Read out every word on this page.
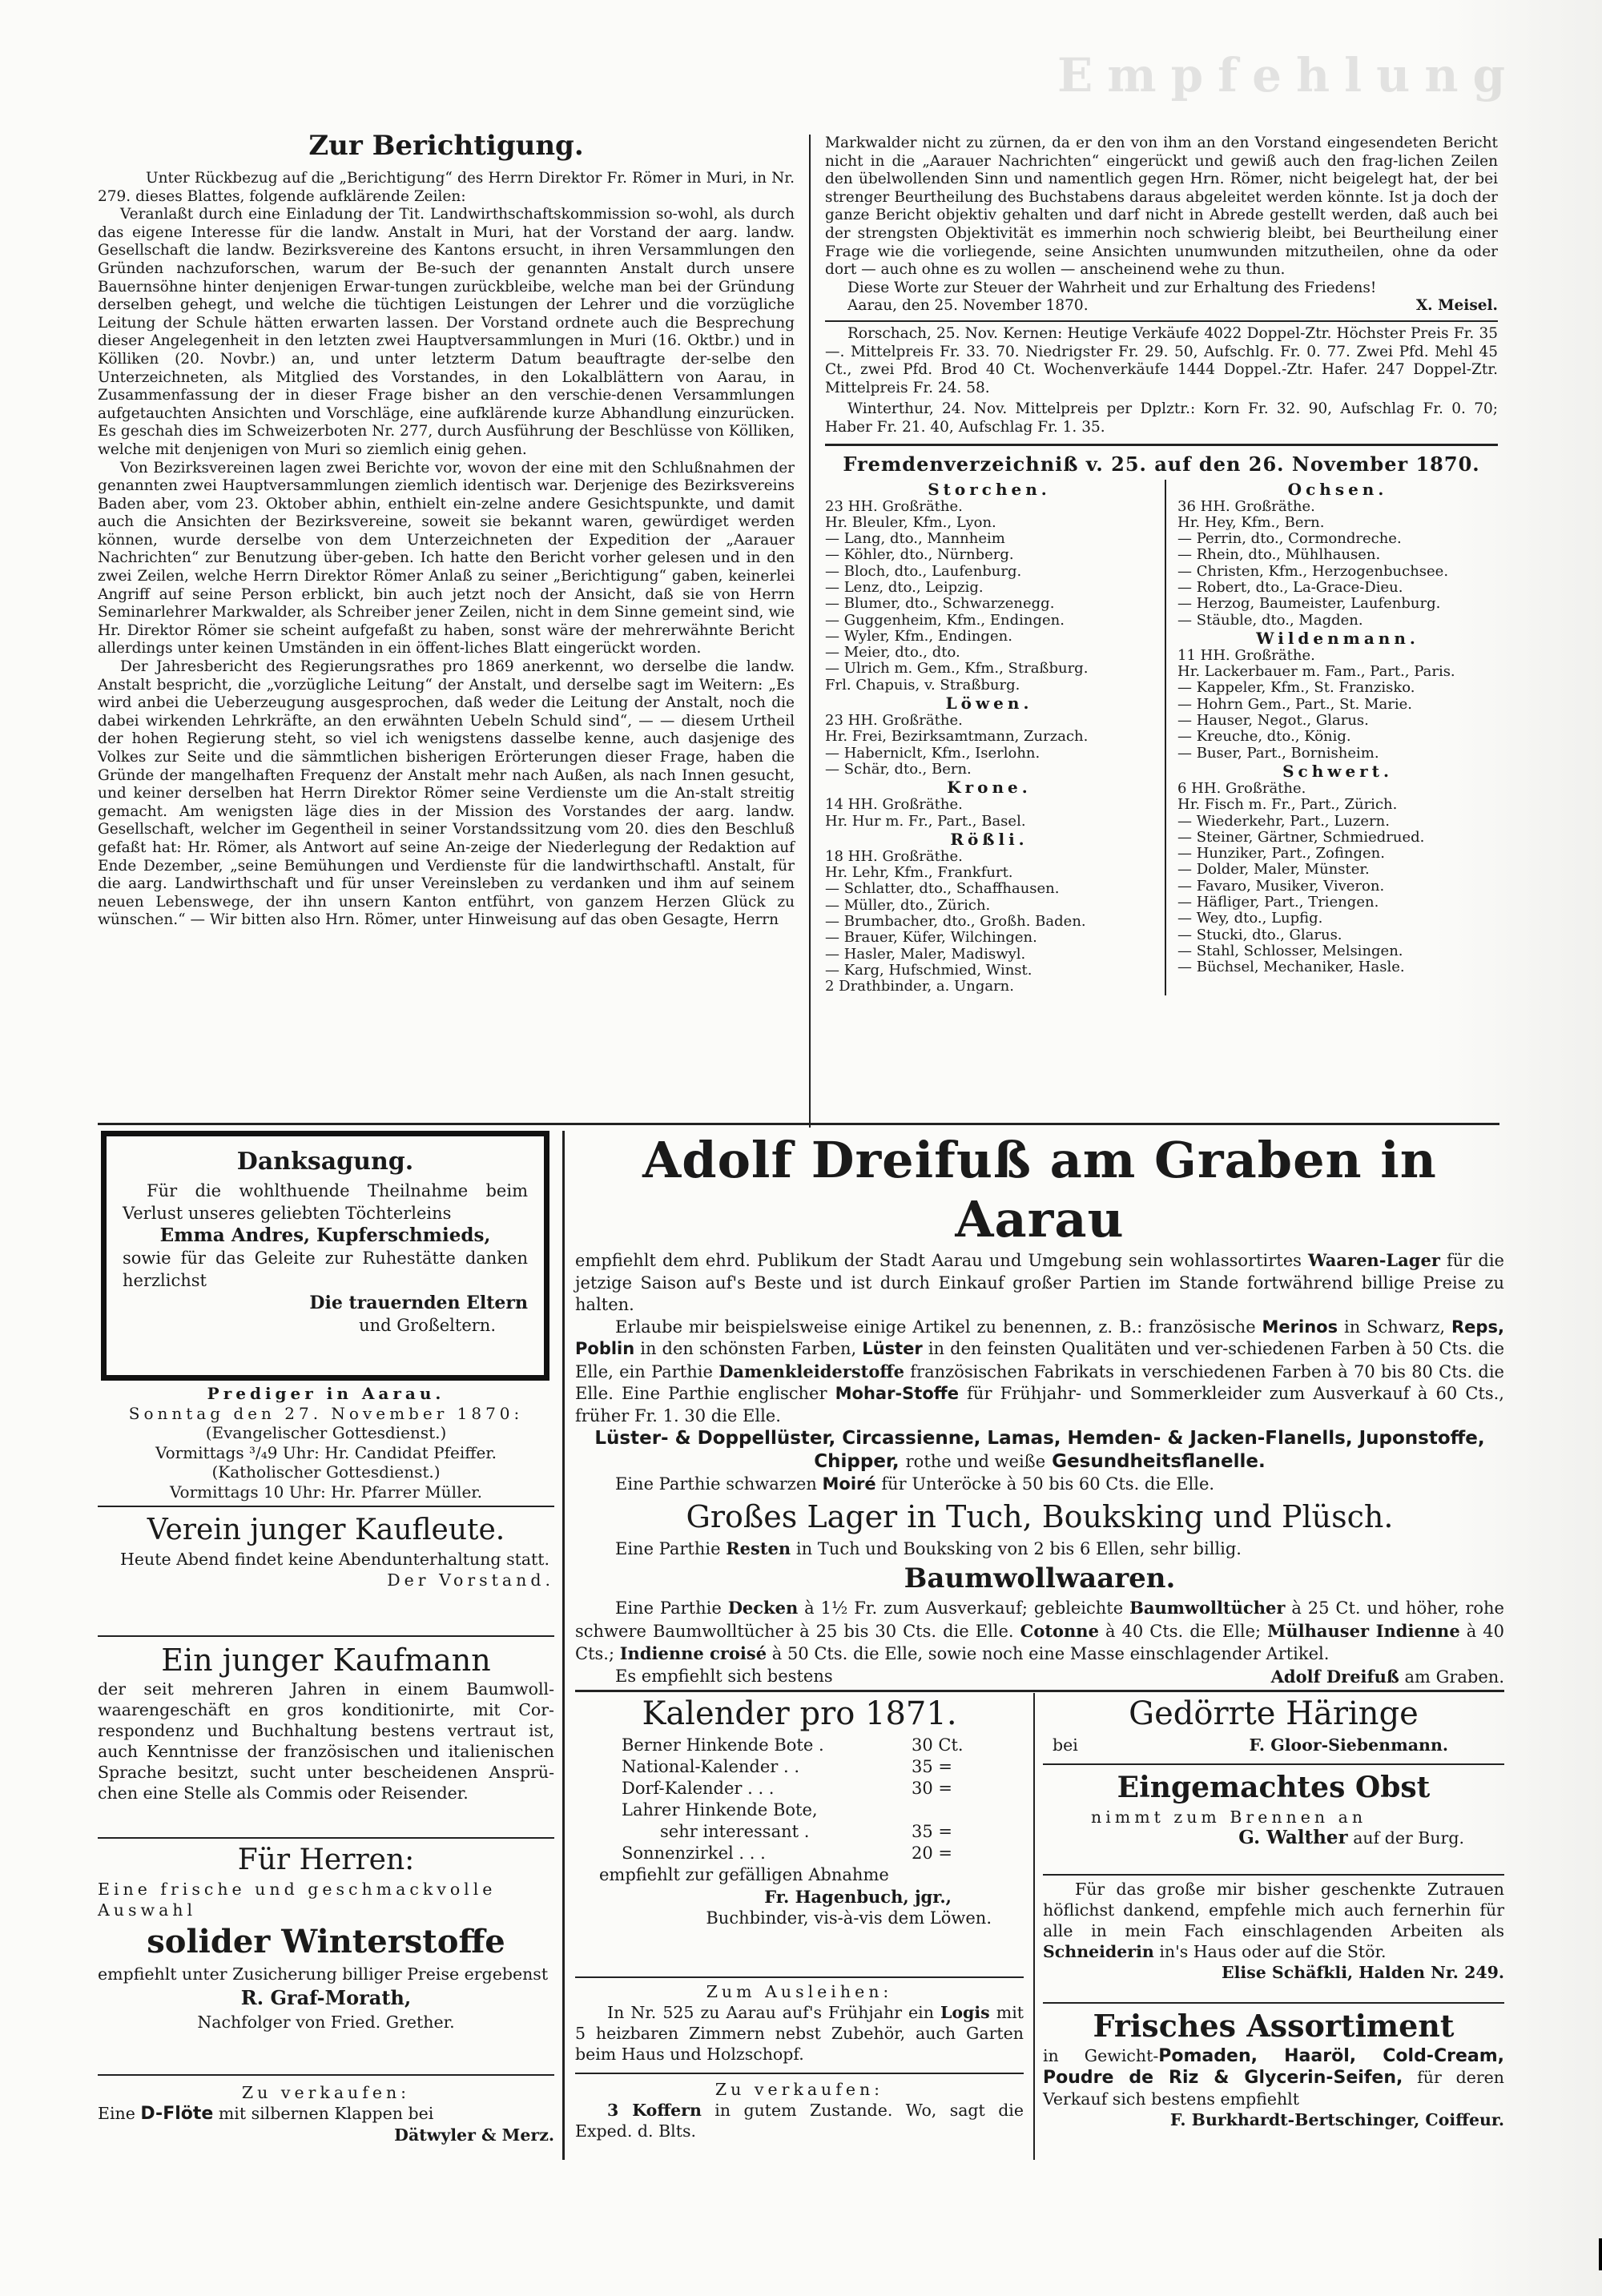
Empfehlung
Zur Berichtigung.

Unter Rückbezug auf die „Berichtigung“ des Herrn Direktor Fr. Römer in Muri, in Nr. 279. dieses Blattes, folgende aufklärende Zeilen:

Veranlaßt durch eine Einladung der Tit. Landwirthschaftskommission so-wohl, als durch das eigene Interesse für die landw. Anstalt in Muri, hat der Vorstand der aarg. landw. Gesellschaft die landw. Bezirksvereine des Kantons ersucht, in ihren Versammlungen den Gründen nachzuforschen, warum der Be-such der genannten Anstalt durch unsere Bauernsöhne hinter denjenigen Erwar-tungen zurückbleibe, welche man bei der Gründung derselben gehegt, und welche die tüchtigen Leistungen der Lehrer und die vorzügliche Leitung der Schule hätten erwarten lassen. Der Vorstand ordnete auch die Besprechung dieser Angelegenheit in den letzten zwei Hauptversammlungen in Muri (16. Oktbr.) und in Kölliken (20. Novbr.) an, und unter letzterm Datum beauftragte der-selbe den Unterzeichneten, als Mitglied des Vorstandes, in den Lokalblättern von Aarau, in Zusammenfassung der in dieser Frage bisher an den verschie-denen Versammlungen aufgetauchten Ansichten und Vorschläge, eine aufklärende kurze Abhandlung einzurücken. Es geschah dies im Schweizerboten Nr. 277, durch Ausführung der Beschlüsse von Kölliken, welche mit denjenigen von Muri so ziemlich einig gehen.

Von Bezirksvereinen lagen zwei Berichte vor, wovon der eine mit den Schlußnahmen der genannten zwei Hauptversammlungen ziemlich identisch war. Derjenige des Bezirksvereins Baden aber, vom 23. Oktober abhin, enthielt ein-zelne andere Gesichtspunkte, und damit auch die Ansichten der Bezirksvereine, soweit sie bekannt waren, gewürdiget werden können, wurde derselbe von dem Unterzeichneten der Expedition der „Aarauer Nachrichten“ zur Benutzung über-geben. Ich hatte den Bericht vorher gelesen und in den zwei Zeilen, welche Herrn Direktor Römer Anlaß zu seiner „Berichtigung“ gaben, keinerlei Angriff auf seine Person erblickt, bin auch jetzt noch der Ansicht, daß sie von Herrn Seminarlehrer Markwalder, als Schreiber jener Zeilen, nicht in dem Sinne gemeint sind, wie Hr. Direktor Römer sie scheint aufgefaßt zu haben, sonst wäre der mehrerwähnte Bericht allerdings unter keinen Umständen in ein öffent-liches Blatt eingerückt worden.

Der Jahresbericht des Regierungsrathes pro 1869 anerkennt, wo derselbe die landw. Anstalt bespricht, die „vorzügliche Leitung“ der Anstalt, und derselbe sagt im Weitern: „Es wird anbei die Ueberzeugung ausgesprochen, daß weder die Leitung der Anstalt, noch die dabei wirkenden Lehrkräfte, an den erwähnten Uebeln Schuld sind“, — — diesem Urtheil der hohen Regierung steht, so viel ich wenigstens dasselbe kenne, auch dasjenige des Volkes zur Seite und die sämmtlichen bisherigen Erörterungen dieser Frage, haben die Gründe der mangelhaften Frequenz der Anstalt mehr nach Außen, als nach Innen gesucht, und keiner derselben hat Herrn Direktor Römer seine Verdienste um die An-stalt streitig gemacht. Am wenigsten läge dies in der Mission des Vorstandes der aarg. landw. Gesellschaft, welcher im Gegentheil in seiner Vorstandssitzung vom 20. dies den Beschluß gefaßt hat: Hr. Römer, als Antwort auf seine An-zeige der Niederlegung der Redaktion auf Ende Dezember, „seine Bemühungen und Verdienste für die landwirthschaftl. Anstalt, für die aarg. Landwirthschaft und für unser Vereinsleben zu verdanken und ihm auf seinem neuen Lebenswege, der ihn unsern Kanton entführt, von ganzem Herzen Glück zu wünschen.“ — Wir bitten also Hrn. Römer, unter Hinweisung auf das oben Gesagte, Herrn

Markwalder nicht zu zürnen, da er den von ihm an den Vorstand eingesendeten Bericht nicht in die „Aarauer Nachrichten“ eingerückt und gewiß auch den frag-lichen Zeilen den übelwollenden Sinn und namentlich gegen Hrn. Römer, nicht beigelegt hat, der bei strenger Beurtheilung des Buchstabens daraus abgeleitet werden könnte. Ist ja doch der ganze Bericht objektiv gehalten und darf nicht in Abrede gestellt werden, daß auch bei der strengsten Objektivität es immerhin noch schwierig bleibt, bei Beurtheilung einer Frage wie die vorliegende, seine Ansichten unumwunden mitzutheilen, ohne da oder dort — auch ohne es zu wollen — anscheinend wehe zu thun.

Diese Worte zur Steuer der Wahrheit und zur Erhaltung des Friedens!

Aarau, den 25. November 1870.	X. Meisel.
Rorschach, 25. Nov. Kernen: Heutige Verkäufe 4022 Doppel-Ztr. Höchster Preis Fr. 35 —. Mittelpreis Fr. 33. 70. Niedrigster Fr. 29. 50, Aufschlg. Fr. 0. 77. Zwei Pfd. Mehl 45 Ct., zwei Pfd. Brod 40 Ct. Wochenverkäufe 1444 Doppel.-Ztr. Hafer. 247 Doppel-Ztr. Mittelpreis Fr. 24. 58.
Winterthur, 24. Nov. Mittelpreis per Dplztr.: Korn Fr. 32. 90, Aufschlag Fr. 0. 70; Haber Fr. 21. 40, Aufschlag Fr. 1. 35.
Fremdenverzeichniß v. 25. auf den 26. November 1870.
Storchen.
23 HH. Großräthe.
Hr. Bleuler, Kfm., Lyon.
— Lang, dto., Mannheim
— Köhler, dto., Nürnberg.
— Bloch, dto., Laufenburg.
— Lenz, dto., Leipzig.
— Blumer, dto., Schwarzenegg.
— Guggenheim, Kfm., Endingen.
— Wyler, Kfm., Endingen.
— Meier, dto., dto.
— Ulrich m. Gem., Kfm., Straßburg.
Frl. Chapuis, v. Straßburg.
Löwen.
23 HH. Großräthe.
Hr. Frei, Bezirksamtmann, Zurzach.
— Haberniclt, Kfm., Iserlohn.
— Schär, dto., Bern.
Krone.
14 HH. Großräthe.
Hr. Hur m. Fr., Part., Basel.
Rößli.
18 HH. Großräthe.
Hr. Lehr, Kfm., Frankfurt.
— Schlatter, dto., Schaffhausen.
— Müller, dto., Zürich.
— Brumbacher, dto., Großh. Baden.
— Brauer, Küfer, Wilchingen.
— Hasler, Maler, Madiswyl.
— Karg, Hufschmied, Winst.
2 Drathbinder, a. Ungarn.
Ochsen.
36 HH. Großräthe.
Hr. Hey, Kfm., Bern.
— Perrin, dto., Cormondreche.
— Rhein, dto., Mühlhausen.
— Christen, Kfm., Herzogenbuchsee.
— Robert, dto., La-Grace-Dieu.
— Herzog, Baumeister, Laufenburg.
— Stäuble, dto., Magden.
Wildenmann.
11 HH. Großräthe.
Hr. Lackerbauer m. Fam., Part., Paris.
— Kappeler, Kfm., St. Franzisko.
— Hohrn Gem., Part., St. Marie.
— Hauser, Negot., Glarus.
— Kreuche, dto., König.
— Buser, Part., Bornisheim.
Schwert.
6 HH. Großräthe.
Hr. Fisch m. Fr., Part., Zürich.
— Wiederkehr, Part., Luzern.
— Steiner, Gärtner, Schmiedrued.
— Hunziker, Part., Zofingen.
— Dolder, Maler, Münster.
— Favaro, Musiker, Viveron.
— Häfliger, Part., Triengen.
— Wey, dto., Lupfig.
— Stucki, dto., Glarus.
— Stahl, Schlosser, Melsingen.
— Büchsel, Mechaniker, Hasle.
Danksagung.
Für die wohlthuende Theilnahme beim Verlust unseres geliebten Töchterleins
Emma Andres, Kupferschmieds,
sowie für das Geleite zur Ruhestätte danken herzlichst
Die trauernden Eltern
und Großeltern.
Prediger in Aarau.
Sonntag den 27. November 1870:
(Evangelischer Gottesdienst.)
Vormittags ³/₄9 Uhr: Hr. Candidat Pfeiffer.
(Katholischer Gottesdienst.)
Vormittags 10 Uhr: Hr. Pfarrer Müller.
Verein junger Kaufleute.
Heute Abend findet keine Abendunterhaltung statt.
Der Vorstand.
Ein junger Kaufmann
der seit mehreren Jahren in einem Baumwoll-waarengeschäft en gros konditionirte, mit Cor-respondenz und Buchhaltung bestens vertraut ist, auch Kenntnisse der französischen und italienischen Sprache besitzt, sucht unter bescheidenen Ansprü-chen eine Stelle als Commis oder Reisender.
Für Herren:
Eine frische und geschmackvolle Auswahl
solider Winterstoffe
empfiehlt unter Zusicherung billiger Preise ergebenst
R. Graf-Morath,
Nachfolger von Fried. Grether.
Zu verkaufen:
Eine D-Flöte mit silbernen Klappen bei
Dätwyler & Merz.
Adolf Dreifuß am Graben in Aarau
empfiehlt dem ehrd. Publikum der Stadt Aarau und Umgebung sein wohlassortirtes Waaren-Lager für die jetzige Saison auf's Beste und ist durch Einkauf großer Partien im Stande fortwährend billige Preise zu halten.
Erlaube mir beispielsweise einige Artikel zu benennen, z. B.: französische Merinos in Schwarz, Reps, Poblin in den schönsten Farben, Lüster in den feinsten Qualitäten und ver-schiedenen Farben à 50 Cts. die Elle, ein Parthie Damenkleiderstoffe französischen Fabrikats in verschiedenen Farben à 70 bis 80 Cts. die Elle. Eine Parthie englischer Mohar-Stoffe für Frühjahr- und Sommerkleider zum Ausverkauf à 60 Cts., früher Fr. 1. 30 die Elle.
Lüster- & Doppellüster, Circassienne, Lamas, Hemden- & Jacken-Flanells, Juponstoffe, Chipper, rothe und weiße Gesundheitsflanelle.
Eine Parthie schwarzen Moiré für Unteröcke à 50 bis 60 Cts. die Elle.
Großes Lager in Tuch, Bouksking und Plüsch.
Eine Parthie Resten in Tuch und Bouksking von 2 bis 6 Ellen, sehr billig.
Baumwollwaaren.
Eine Parthie Decken à 1½ Fr. zum Ausverkauf; gebleichte Baumwolltücher à 25 Ct. und höher, rohe schwere Baumwolltücher à 25 bis 30 Cts. die Elle. Cotonne à 40 Cts. die Elle; Mülhauser Indienne à 40 Cts.; Indienne croisé à 50 Cts. die Elle, sowie noch eine Masse einschlagender Artikel.
Es empfiehlt sich bestens	Adolf Dreifuß am Graben.
Kalender pro 1871.
Berner Hinkende Bote .	30 Ct.
National-Kalender . .	35 =
Dorf-Kalender . . .	30 =
Lahrer Hinkende Bote,
sehr interessant .	35 =
Sonnenzirkel . . .	20 =
empfiehlt zur gefälligen Abnahme
Fr. Hagenbuch, jgr.,
Buchbinder, vis-à-vis dem Löwen.
Zum Ausleihen:
In Nr. 525 zu Aarau auf's Frühjahr ein Logis mit 5 heizbaren Zimmern nebst Zubehör, auch Garten beim Haus und Holzschopf.
Zu verkaufen:
3 Koffern in gutem Zustande. Wo, sagt die Exped. d. Blts.
Gedörrte Häringe
bei	F. Gloor-Siebenmann.
Eingemachtes Obst
nimmt zum Brennen an
G. Walther auf der Burg.
Für das große mir bisher geschenkte Zutrauen höflichst dankend, empfehle mich auch fernerhin für alle in mein Fach einschlagenden Arbeiten als Schneiderin in's Haus oder auf die Stör.
Elise Schäfkli, Halden Nr. 249.
Frisches Assortiment
in Gewicht-Pomaden, Haaröl, Cold-Cream, Poudre de Riz & Glycerin-Seifen, für deren Verkauf sich bestens empfiehlt
F. Burkhardt-Bertschinger, Coiffeur.
